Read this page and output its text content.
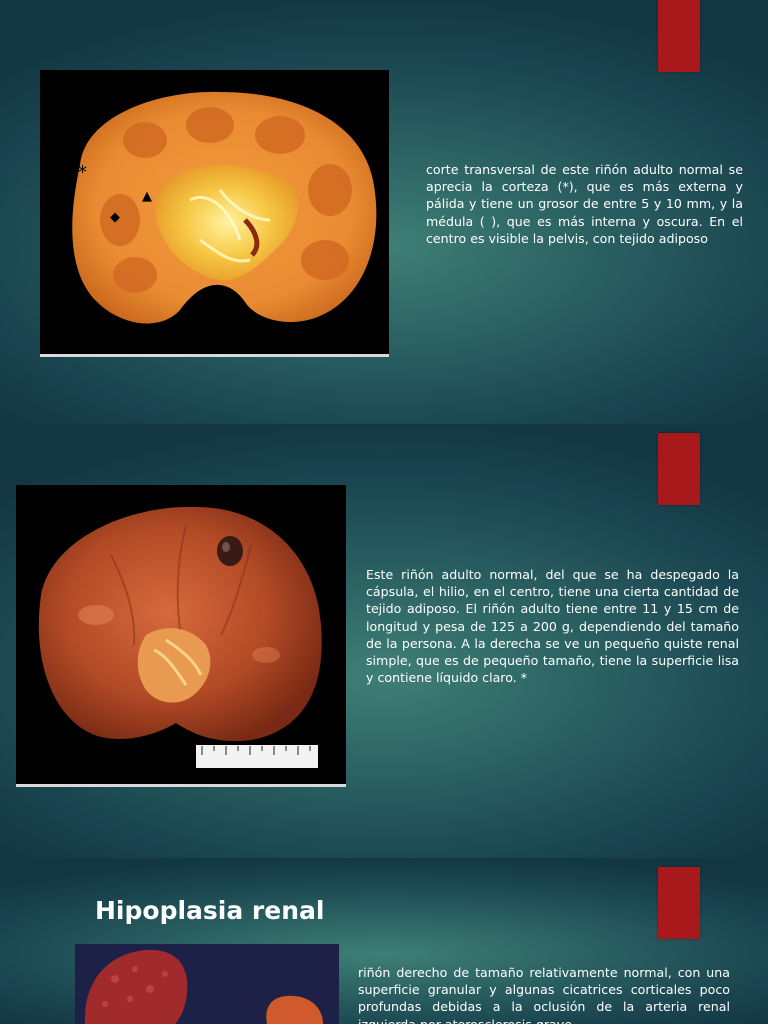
*
▲
◆

corte transversal de este riñón adulto normal se aprecia la corteza (*), que es más externa y pálida y tiene un grosor de entre 5 y 10 mm, y la médula ( ), que es más interna y oscura. En el centro es visible la pelvis, con tejido adiposo

Este riñón adulto normal, del que se ha despegado la cápsula, el hilio, en el centro, tiene una cierta cantidad de tejido adiposo. El riñón adulto tiene entre 11 y 15 cm de longitud y pesa de 125 a 200 g, dependiendo del tamaño de la persona. A la derecha se ve un pequeño quiste renal simple, que es de pequeño tamaño, tiene la superficie lisa y contiene líquido claro. *

Hipoplasia renal

riñón derecho de tamaño relativamente normal, con una superficie granular y algunas cicatrices corticales poco profundas debidas a la oclusión de la arteria renal izquierda por aterosclerosis grave
